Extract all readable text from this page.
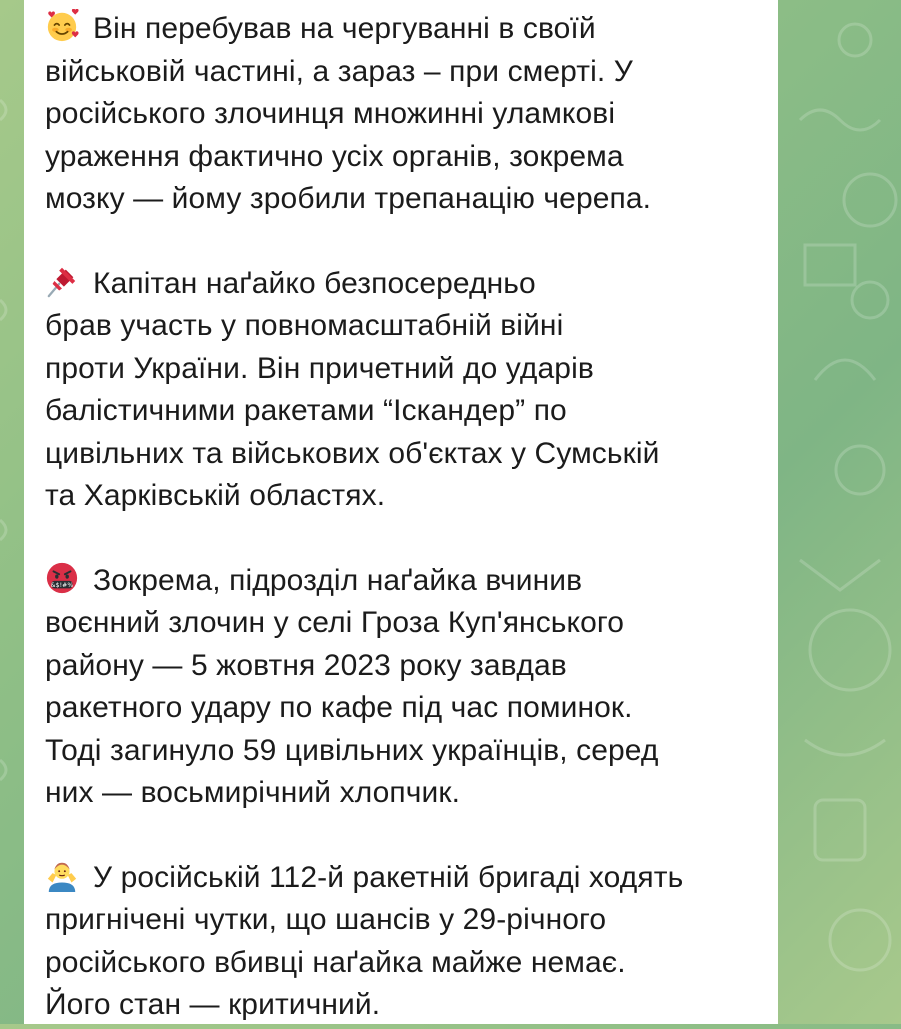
Він перебував на чергуванні в своїй
військовій частині, а зараз – при смерті. У
російського злочинця множинні уламкові
ураження фактично усіх органів, зокрема
мозку — йому зробили трепанацію черепа.

Капітан наґайко безпосередньо
брав участь у повномасштабній війні
проти України. Він причетний до ударів
балістичними ракетами “Іскандер” по
цивільних та військових об'єктах у Сумській
та Харківській областях.

&$!#% Зокрема, підрозділ наґайка вчинив
воєнний злочин у селі Гроза Куп'янського
району — 5 жовтня 2023 року завдав
ракетного удару по кафе під час поминок.
Тоді загинуло 59 цивільних українців, серед
них — восьмирічний хлопчик.

У російській 112-й ракетній бригаді ходять
пригнічені чутки, що шансів у 29-річного
російського вбивці наґайка майже немає.
Його стан — критичний.
